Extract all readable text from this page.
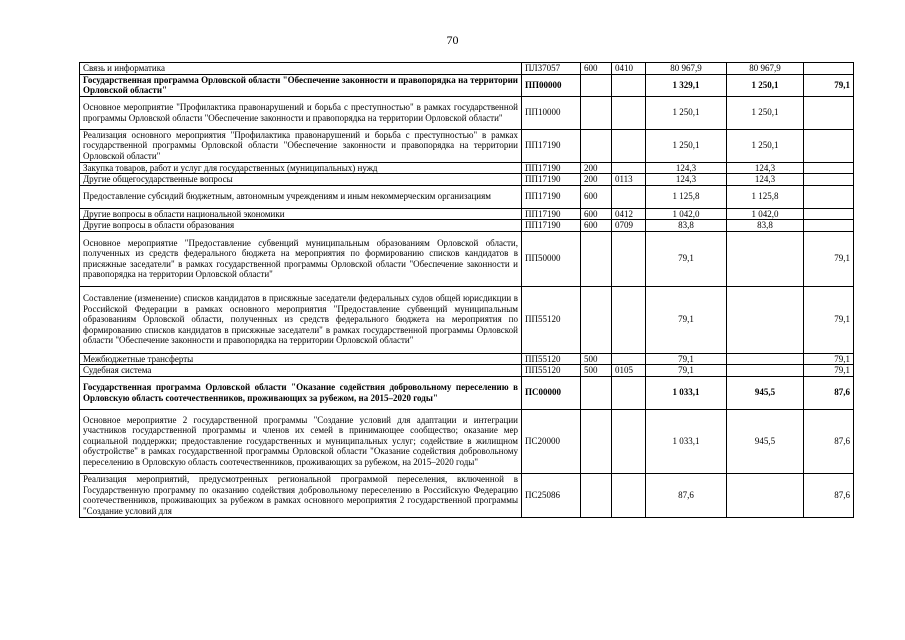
70
Связь и информатика	ПЛ37057	600	0410	80 967,9	80 967,9	
Государственная программа Орловской области "Обеспечение законности и правопорядка на территории Орловской области"	ПП00000			1 329,1	1 250,1	79,1
Основное мероприятие "Профилактика правонарушений и борьба с преступностью" в рамках государственной программы Орловской области "Обеспечение законности и правопорядка на территории Орловской области"	ПП10000			1 250,1	1 250,1	
Реализация основного мероприятия "Профилактика правонарушений и борьба с преступностью" в рамках государственной программы Орловской области "Обеспечение законности и правопорядка на территории Орловской области"	ПП17190			1 250,1	1 250,1	
Закупка товаров, работ и услуг для государственных (муниципальных) нужд	ПП17190	200		124,3	124,3	
Другие общегосударственные вопросы	ПП17190	200	0113	124,3	124,3	
Предоставление субсидий бюджетным, автономным учреждениям и иным некоммерческим организациям	ПП17190	600		1 125,8	1 125,8	
Другие вопросы в области национальной экономики	ПП17190	600	0412	1 042,0	1 042,0	
Другие вопросы в области образования	ПП17190	600	0709	83,8	83,8	
Основное мероприятие "Предоставление субвенций муниципальным образованиям Орловской области, полученных из средств федерального бюджета на мероприятия по формированию списков кандидатов в присяжные заседатели" в рамках государственной программы Орловской области "Обеспечение законности и правопорядка на территории Орловской области"	ПП50000			79,1		79,1
Составление (изменение) списков кандидатов в присяжные заседатели федеральных судов общей юрисдикции в Российской Федерации в рамках основного мероприятия "Предоставление субвенций муниципальным образованиям Орловской области, полученных из средств федерального бюджета на мероприятия по формированию списков кандидатов в присяжные заседатели" в рамках государственной программы Орловской области "Обеспечение законности и правопорядка на территории Орловской области"	ПП55120			79,1		79,1
Межбюджетные трансферты	ПП55120	500		79,1		79,1
Судебная система	ПП55120	500	0105	79,1		79,1
Государственная программа Орловской области "Оказание содействия добровольному переселению в Орловскую область соотечественников, проживающих за рубежом, на 2015–2020 годы"	ПС00000			1 033,1	945,5	87,6
Основное мероприятие 2 государственной программы "Создание условий для адаптации и интеграции участников государственной программы и членов их семей в принимающее сообщество; оказание мер социальной поддержки; предоставление государственных и муниципальных услуг; содействие в жилищном обустройстве" в рамках государственной программы Орловской области "Оказание содействия добровольному переселению в Орловскую область соотечественников, проживающих за рубежом, на 2015–2020 годы"	ПС20000			1 033,1	945,5	87,6
Реализация мероприятий, предусмотренных региональной программой переселения, включенной в Государственную программу по оказанию содействия добровольному переселению в Российскую Федерацию соотечественников, проживающих за рубежом в рамках основного мероприятия 2 государственной программы "Создание условий для	ПС25086			87,6		87,6
